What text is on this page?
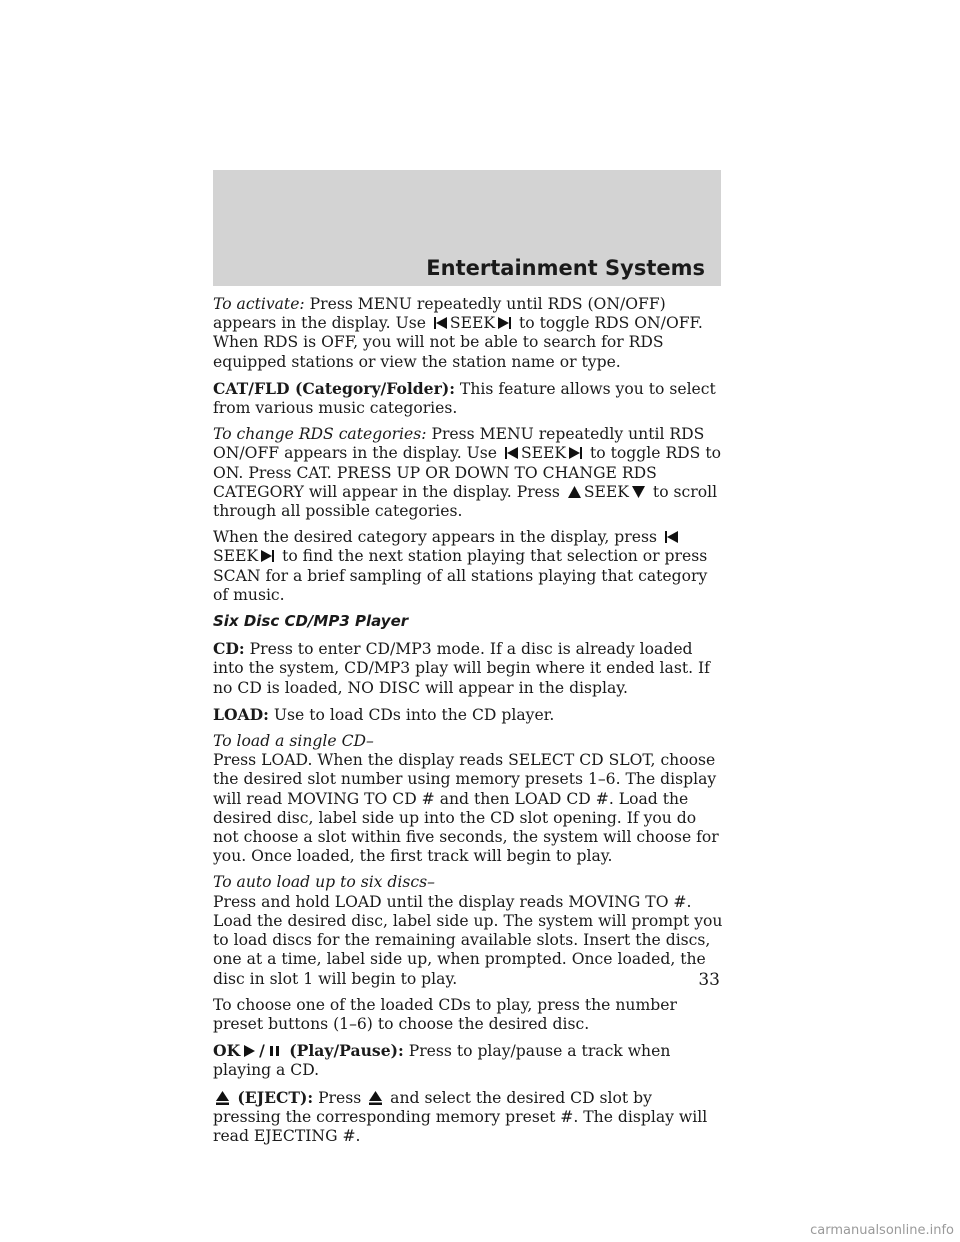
Entertainment Systems

To activate: Press MENU repeatedly until RDS (ON/OFF) appears in the display. Use
SEEK
to toggle RDS ON/OFF. When RDS is OFF, you will not be able to search for RDS equipped stations or view the station name or type.

CAT/FLD (Category/Folder): This feature allows you to select from various music categories.

To change RDS categories: Press MENU repeatedly until RDS ON/OFF appears in the display. Use
SEEK
to toggle RDS to ON. Press CAT. PRESS UP OR DOWN TO CHANGE RDS CATEGORY will appear in the display. Press
SEEK
to scroll through all possible categories.

When the desired category appears in the display, press
SEEK
to find the next station playing that selection or press SCAN for a brief sampling of all stations playing that category of music.

Six Disc CD/MP3 Player

CD: Press to enter CD/MP3 mode. If a disc is already loaded into the system, CD/MP3 play will begin where it ended last. If no CD is loaded, NO DISC will appear in the display.

LOAD: Use to load CDs into the CD player.

To load a single CD–
Press LOAD. When the display reads SELECT CD SLOT, choose the desired slot number using memory presets 1–6. The display will read MOVING TO CD # and then LOAD CD #. Load the desired disc, label side up into the CD slot opening. If you do not choose a slot within five seconds, the system will choose for you. Once loaded, the first track will begin to play.

To auto load up to six discs–
Press and hold LOAD until the display reads MOVING TO #. Load the desired disc, label side up. The system will prompt you to load discs for the remaining available slots. Insert the discs, one at a time, label side up, when prompted. Once loaded, the disc in slot 1 will begin to play.

To choose one of the loaded CDs to play, press the number preset buttons (1–6) to choose the desired disc.

OK /
(Play/Pause): Press to play/pause a track when playing a CD.

(EJECT): Press
and select the desired CD slot by pressing the corresponding memory preset #. The display will read EJECTING #.

33
carmanualsonline.info
